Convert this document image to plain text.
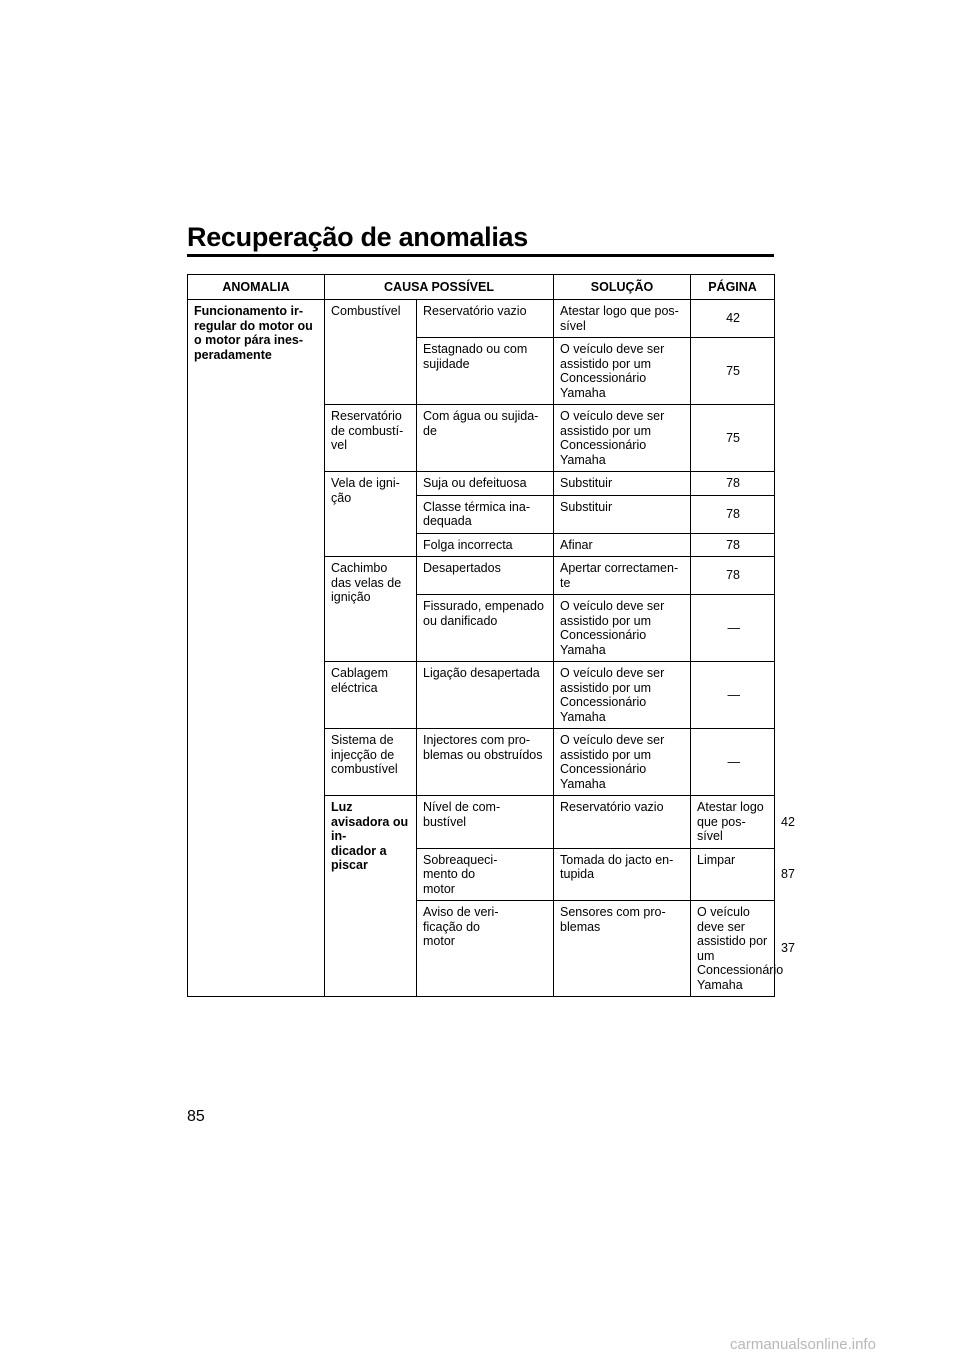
Recuperação de anomalias
ANOMALIA	CAUSA POSSÍVEL		SOLUÇÃO	PÁGINA	
Funcionamento ir-
regular do motor ou
o motor pára ines-
peradamente	Combustível	Reservatório vazio	Atestar logo que pos-
sível	42	
		Estagnado ou com
sujidade	O veículo deve ser
assistido por um
Concessionário
Yamaha	75	
	Reservatório
de combustí-
vel	Com água ou sujida-
de	O veículo deve ser
assistido por um
Concessionário
Yamaha	75	
	Vela de igni-
ção	Suja ou defeituosa	Substituir	78	
		Classe térmica ina-
dequada	Substituir	78	
		Folga incorrecta	Afinar	78	
	Cachimbo
das velas de
ignição	Desapertados	Apertar correctamen-
te	78	
		Fissurado, empenado
ou danificado	O veículo deve ser
assistido por um
Concessionário
Yamaha	—	
	Cablagem
eléctrica	Ligação desapertada	O veículo deve ser
assistido por um
Concessionário
Yamaha	—	
	Sistema de
injecção de
combustível	Injectores com pro-
blemas ou obstruídos	O veículo deve ser
assistido por um
Concessionário
Yamaha	—	
	Luz avisadora ou in-
dicador a piscar	Nível de com-
bustível	Reservatório vazio	Atestar logo que pos-
sível	42
		Sobreaqueci-
mento do
motor	Tomada do jacto en-
tupida	Limpar	87
		Aviso de veri-
ficação do
motor	Sensores com pro-
blemas	O veículo deve ser
assistido por um
Concessionário
Yamaha	37
85
carmanualsonline.info
